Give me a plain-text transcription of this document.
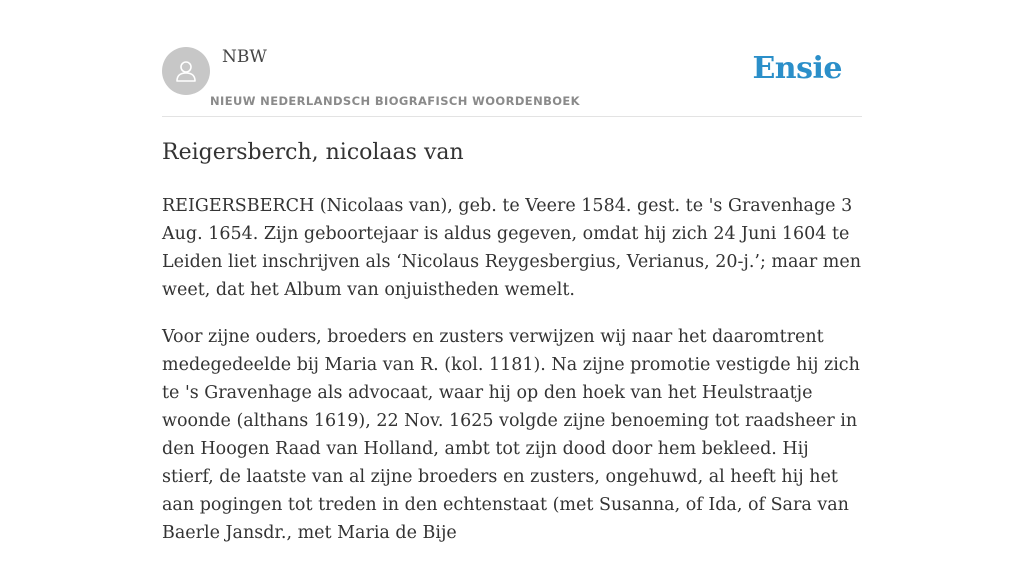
NBW
NIEUW NEDERLANDSCH BIOGRAFISCH WOORDENBOEK
Ensie
Reigersberch, nicolaas van

REIGERSBERCH (Nicolaas van), geb. te Veere 1584. gest. te 's Gravenhage 3 Aug. 1654. Zijn geboortejaar is aldus gegeven, omdat hij zich 24 Juni 1604 te Leiden liet inschrijven als ‘Nicolaus Reygesbergius, Verianus, 20-j.’; maar men weet, dat het Album van onjuistheden wemelt.

Voor zijne ouders, broeders en zusters verwijzen wij naar het daaromtrent medegedeelde bij Maria van R. (kol. 1181). Na zijne promotie vestigde hij zich te 's Gravenhage als advocaat, waar hij op den hoek van het Heulstraatje woonde (althans 1619), 22 Nov. 1625 volgde zijne benoeming tot raadsheer in den Hoogen Raad van Holland, ambt tot zijn dood door hem bekleed. Hij stierf, de laatste van al zijne broeders en zusters, ongehuwd, al heeft hij het aan pogingen tot treden in den echtenstaat (met Susanna, of Ida, of Sara van Baerle Jansdr., met Maria de Bije
